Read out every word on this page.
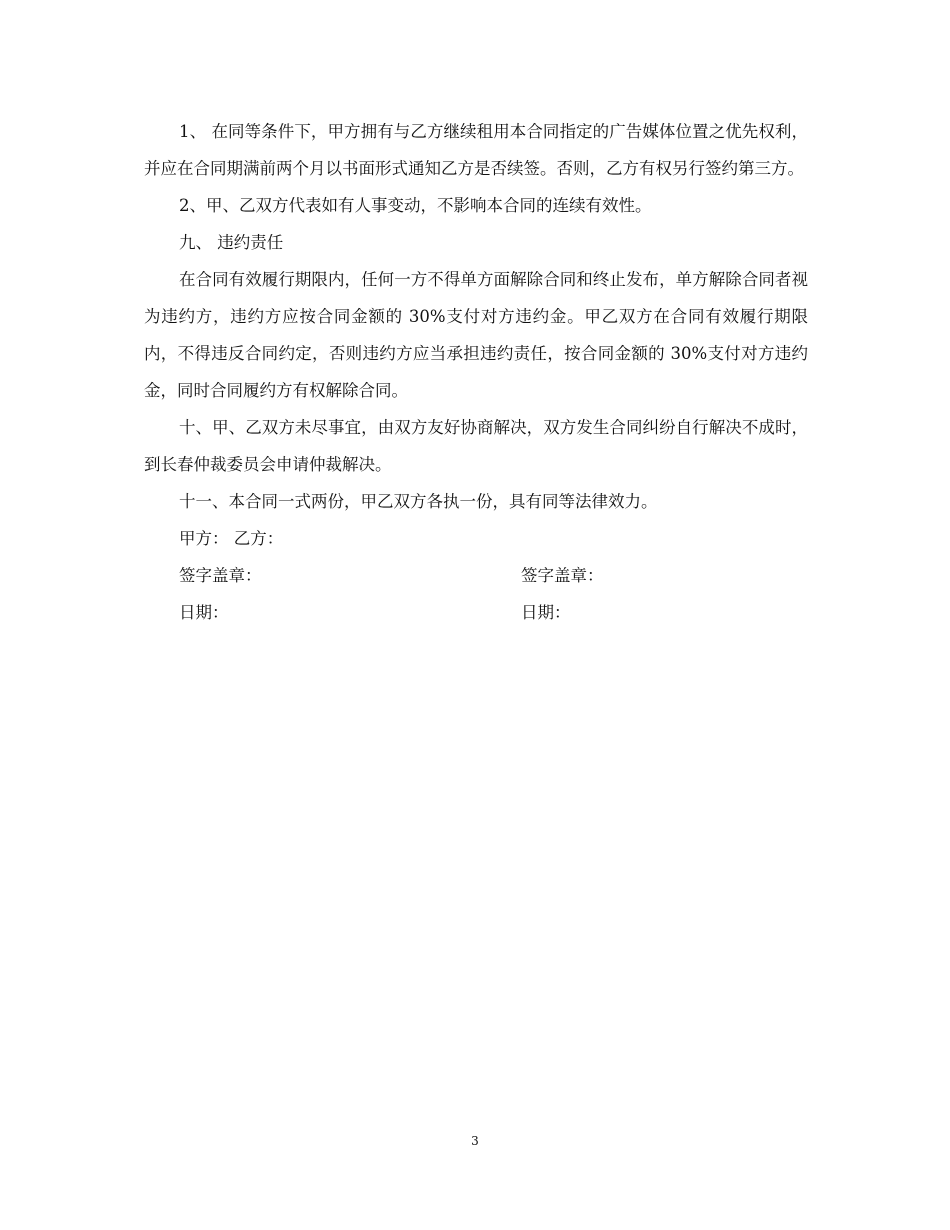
1、 在同等条件下，甲方拥有与乙方继续租用本合同指定的广告媒体位置之优先权利，并应在合同期满前两个月以书面形式通知乙方是否续签。否则，乙方有权另行签约第三方。

2、甲、乙双方代表如有人事变动，不影响本合同的连续有效性。

九、 违约责任

在合同有效履行期限内，任何一方不得单方面解除合同和终止发布，单方解除合同者视为违约方，违约方应按合同金额的 30%支付对方违约金。甲乙双方在合同有效履行期限内，不得违反合同约定，否则违约方应当承担违约责任，按合同金额的 30%支付对方违约金，同时合同履约方有权解除合同。

十、甲、乙双方未尽事宜，由双方友好协商解决，双方发生合同纠纷自行解决不成时，到长春仲裁委员会申请仲裁解决。

十一、本合同一式两份，甲乙双方各执一份，具有同等法律效力。

甲方： 乙方：

签字盖章：	签字盖章：
日期：	日期：
3
